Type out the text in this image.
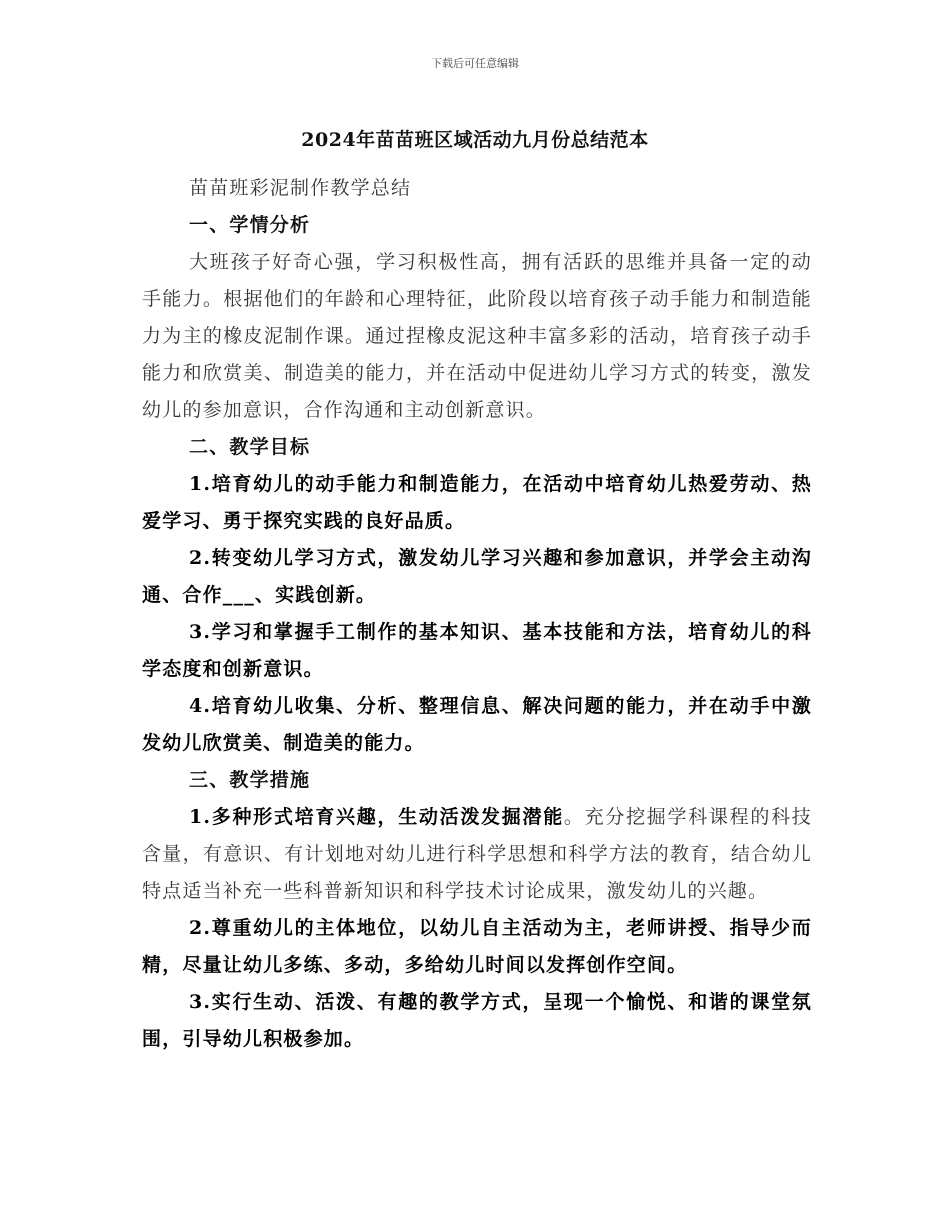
下载后可任意编辑
2024年苗苗班区域活动九月份总结范本

苗苗班彩泥制作教学总结

一、学情分析

大班孩子好奇心强，学习积极性高，拥有活跃的思维并具备一定的动手能力。根据他们的年龄和心理特征，此阶段以培育孩子动手能力和制造能力为主的橡皮泥制作课。通过捏橡皮泥这种丰富多彩的活动，培育孩子动手能力和欣赏美、制造美的能力，并在活动中促进幼儿学习方式的转变，激发幼儿的参加意识，合作沟通和主动创新意识。

二、教学目标

1.培育幼儿的动手能力和制造能力，在活动中培育幼儿热爱劳动、热爱学习、勇于探究实践的良好品质。

2.转变幼儿学习方式，激发幼儿学习兴趣和参加意识，并学会主动沟通、合作___、实践创新。

3.学习和掌握手工制作的基本知识、基本技能和方法，培育幼儿的科学态度和创新意识。

4.培育幼儿收集、分析、整理信息、解决问题的能力，并在动手中激发幼儿欣赏美、制造美的能力。

三、教学措施

1.多种形式培育兴趣，生动活泼发掘潜能。充分挖掘学科课程的科技含量，有意识、有计划地对幼儿进行科学思想和科学方法的教育，结合幼儿特点适当补充一些科普新知识和科学技术讨论成果，激发幼儿的兴趣。

2.尊重幼儿的主体地位，以幼儿自主活动为主，老师讲授、指导少而精，尽量让幼儿多练、多动，多给幼儿时间以发挥创作空间。

3.实行生动、活泼、有趣的教学方式，呈现一个愉悦、和谐的课堂氛围，引导幼儿积极参加。
